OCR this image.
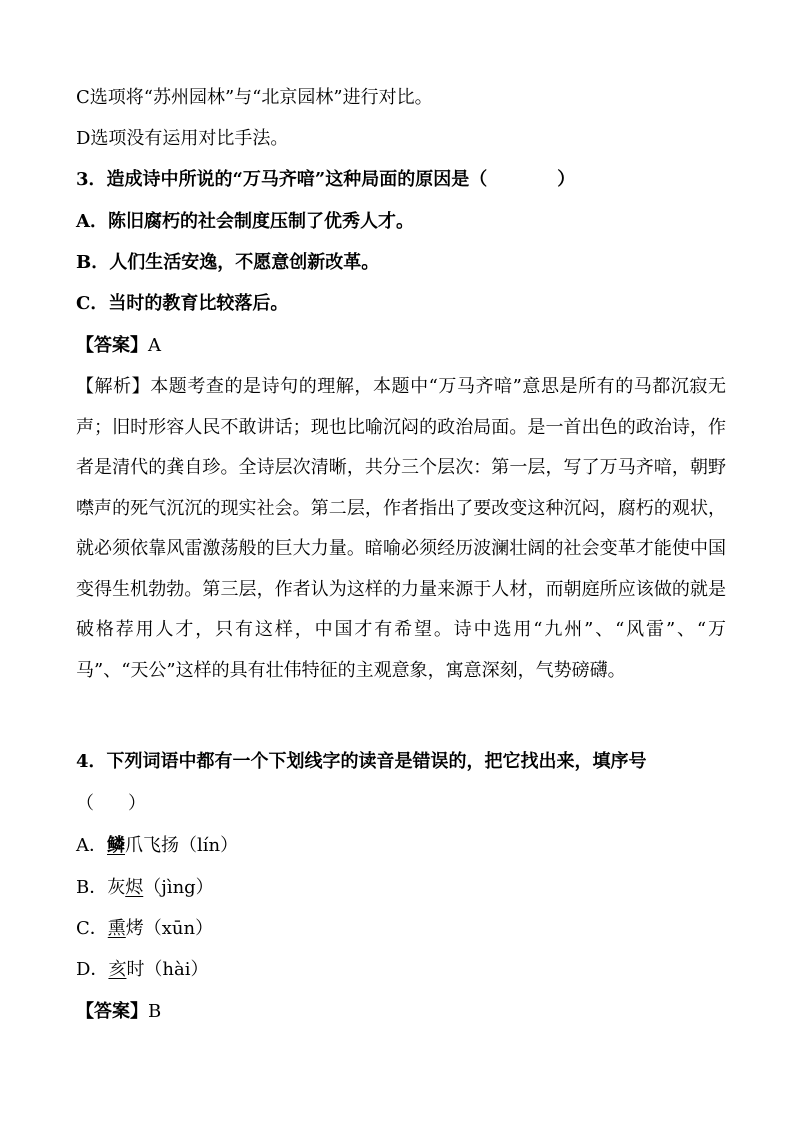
C选项将“苏州园林”与“北京园林”进行对比。
D选项没有运用对比手法。
3．造成诗中所说的“万马齐喑”这种局面的原因是（	）
A．陈旧腐朽的社会制度压制了优秀人才。
B．人们生活安逸，不愿意创新改革。
C．当时的教育比较落后。
【答案】A
【解析】本题考查的是诗句的理解，本题中“万马齐喑”意思是所有的马都沉寂无声；旧时形容人民不敢讲话；现也比喻沉闷的政治局面。是一首出色的政治诗，作者是清代的龚自珍。全诗层次清晰，共分三个层次：第一层，写了万马齐喑，朝野噤声的死气沉沉的现实社会。第二层，作者指出了要改变这种沉闷，腐朽的观状，就必须依靠风雷激荡般的巨大力量。暗喻必须经历波澜壮阔的社会变革才能使中国变得生机勃勃。第三层，作者认为这样的力量来源于人材，而朝庭所应该做的就是破格荐用人才，只有这样，中国才有希望。诗中选用“九州”、“风雷”、“万马”、“天公”这样的具有壮伟特征的主观意象，寓意深刻，气势磅礴。
4．下列词语中都有一个下划线字的读音是错误的，把它找出来，填序号
（ ）
A．鳞爪飞扬（lín）
B．灰烬（jìng）
C．熏烤（xūn）
D．亥时（hài）
【答案】B
